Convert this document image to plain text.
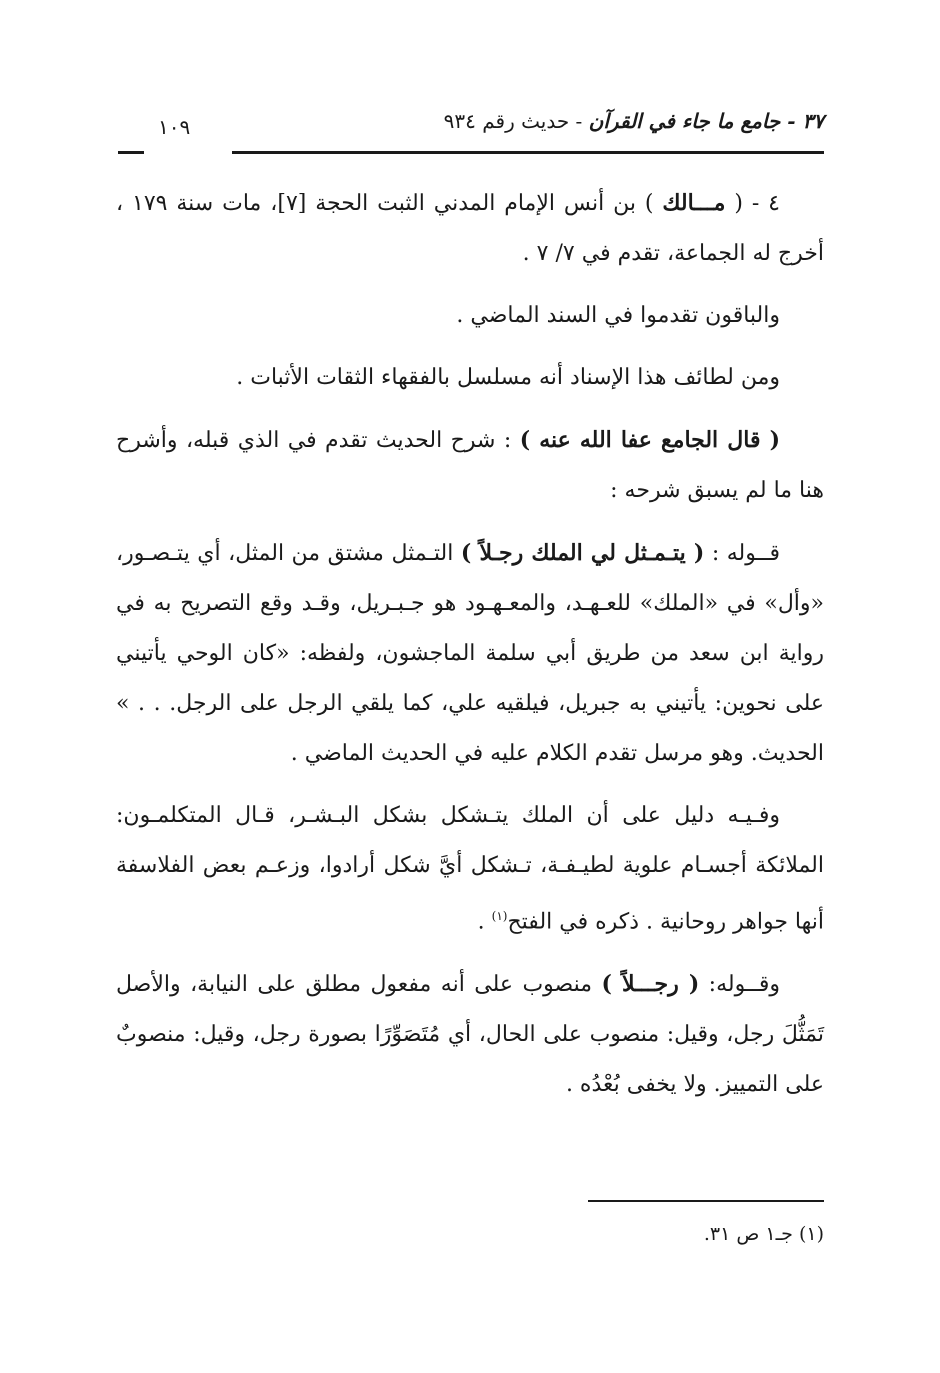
٣٧ - جامع ما جاء في القرآن - حديث رقم ٩٣٤
١٠٩

٤ - ( مـــالك ) بن أنس الإمام المدني الثبت الحجة [٧]، مات سنة ١٧٩ ، أخرج له الجماعة، تقدم في ٧/ ٧ .

والباقون تقدموا في السند الماضي .

ومن لطائف هذا الإسناد أنه مسلسل بالفقهاء الثقات الأثبات .

( قال الجامع عفا الله عنه ) : شرح الحديث تقدم في الذي قبله، وأشرح هنا ما لم يسبق شرحه :

قــوله : ( يتـمـثل لي الملك رجـلاً ) التـمثل مشتق من المثل، أي يتـصـور، «وأل» في «الملك» للعـهـد، والمعـهـود هو جـبـريل، وقـد وقع التصريح به في رواية ابن سعد من طريق أبي سلمة الماجشون، ولفظه: «كان الوحي يأتيني على نحوين: يأتيني به جبريل، فيلقيه علي، كما يلقي الرجل على الرجل. . . » الحديث. وهو مرسل تقدم الكلام عليه في الحديث الماضي .

وفـيـه دليل على أن الملك يتـشكل بشكل البـشـر، قـال المتكلمـون: الملائكة أجسـام علوية لطيـفـة، تـشكل أيَّ شكل أرادوا، وزعـم بعض الفلاسفة أنها جواهر روحانية . ذكره في الفتح$^{(١)}$ .

وقــوله: ( رجـــلاً ) منصوب على أنه مفعول مطلق على النيابة، والأصل تَمَثُّلَ رجل، وقيل: منصوب على الحال، أي مُتَصَوِّرًا بصورة رجل، وقيل: منصوبٌ على التمييز. ولا يخفى بُعْدُه .

(١) جـ١ ص ٣١.
